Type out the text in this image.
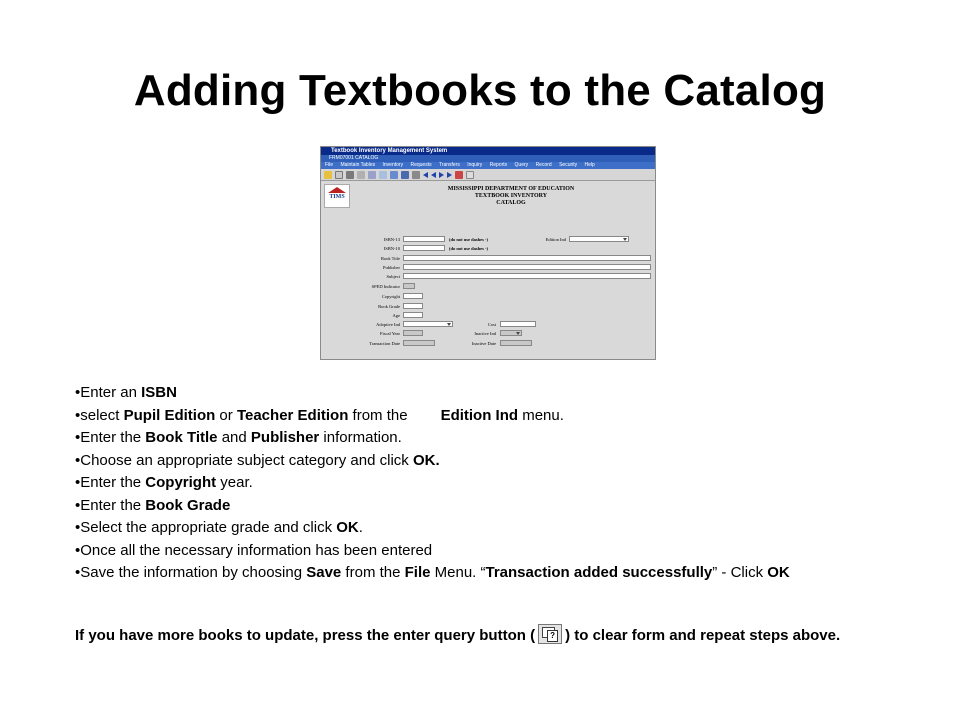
Adding Textbooks to the Catalog
Textbook Inventory Management System
FRM07001 CATALOG
File Maintain Tables Inventory Requests Transfers Inquiry Reports Query Record Security Help
TIMS
MISSISSIPPI DEPARTMENT OF EDUCATION
TEXTBOOK INVENTORY
CATALOG
ISBN-13
ISBN-10
Book Title
Publisher
Subject
SPED Indicator
Copyright
Book Grade
Age
Adoptive Ind
Fiscal Year
Transaction Date
(do not use dashes -)
(do not use dashes -)
Edition Ind
Cost
Inactive Ind
Inactive Date

•Enter an ISBN

•select Pupil Edition or Teacher Edition from the Edition Ind menu.

•Enter the Book Title and Publisher information.

•Choose an appropriate subject category and click OK.

•Enter the Copyright year.

•Enter the Book Grade

•Select the appropriate grade and click OK.

•Once all the necessary information has been entered

•Save the information by choosing Save from the File Menu. “Transaction added successfully” - Click OK

If you have more books to update, press the enter query button (? ) to clear form and repeat steps above.
